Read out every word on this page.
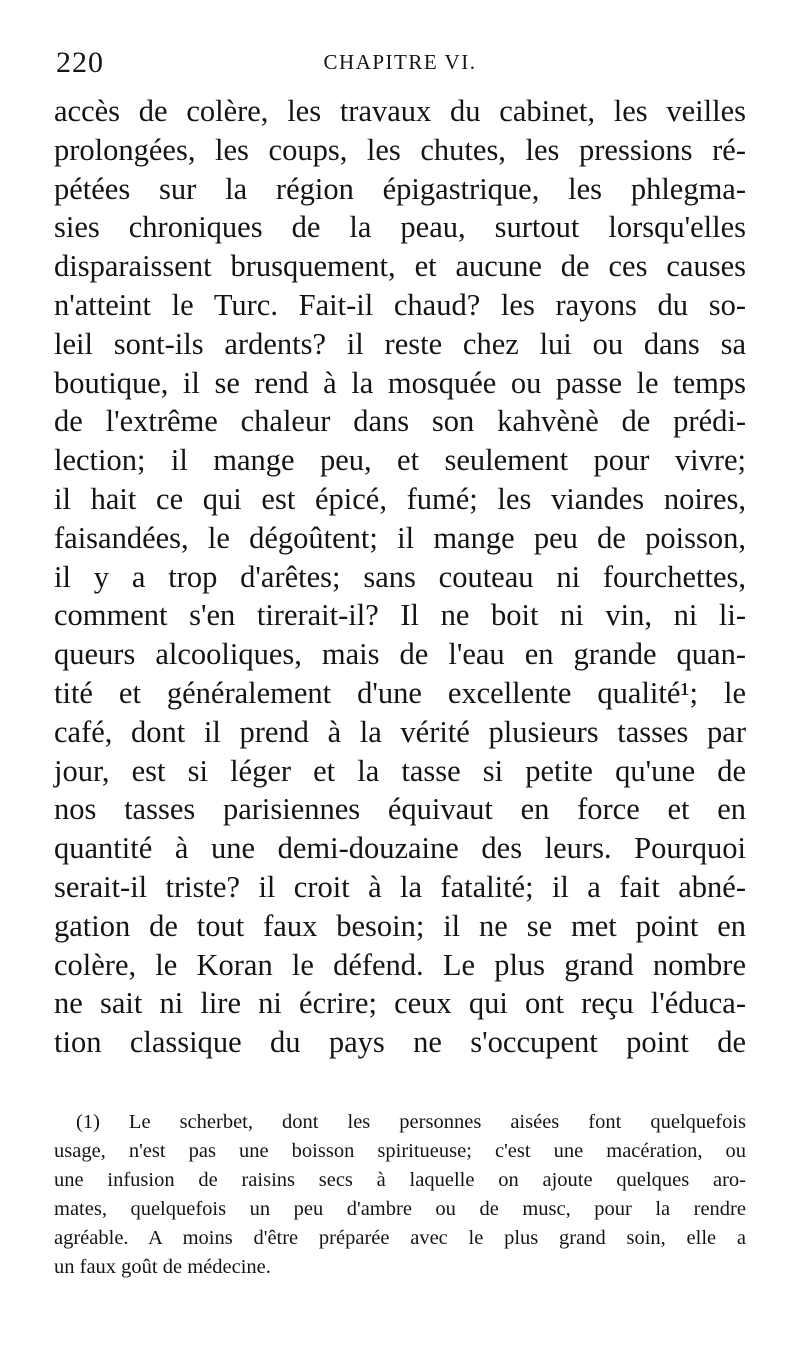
220	CHAPITRE VI.
accès de colère, les travaux du cabinet, les veilles
prolongées, les coups, les chutes, les pressions ré-
pétées sur la région épigastrique, les phlegma-
sies chroniques de la peau, surtout lorsqu'elles
disparaissent brusquement, et aucune de ces causes
n'atteint le Turc. Fait-il chaud? les rayons du so-
leil sont-ils ardents? il reste chez lui ou dans sa
boutique, il se rend à la mosquée ou passe le temps
de l'extrême chaleur dans son kahvènè de prédi-
lection; il mange peu, et seulement pour vivre;
il hait ce qui est épicé, fumé; les viandes noires,
faisandées, le dégoûtent; il mange peu de poisson,
il y a trop d'arêtes; sans couteau ni fourchettes,
comment s'en tirerait-il? Il ne boit ni vin, ni li-
queurs alcooliques, mais de l'eau en grande quan-
tité et généralement d'une excellente qualité¹; le
café, dont il prend à la vérité plusieurs tasses par
jour, est si léger et la tasse si petite qu'une de
nos tasses parisiennes équivaut en force et en
quantité à une demi-douzaine des leurs. Pourquoi
serait-il triste? il croit à la fatalité; il a fait abné-
gation de tout faux besoin; il ne se met point en
colère, le Koran le défend. Le plus grand nombre
ne sait ni lire ni écrire; ceux qui ont reçu l'éduca-
tion classique du pays ne s'occupent point de
(1) Le scherbet, dont les personnes aisées font quelquefois
usage, n'est pas une boisson spiritueuse; c'est une macération, ou
une infusion de raisins secs à laquelle on ajoute quelques aro-
mates, quelquefois un peu d'ambre ou de musc, pour la rendre
agréable. A moins d'être préparée avec le plus grand soin, elle a
un faux goût de médecine.
